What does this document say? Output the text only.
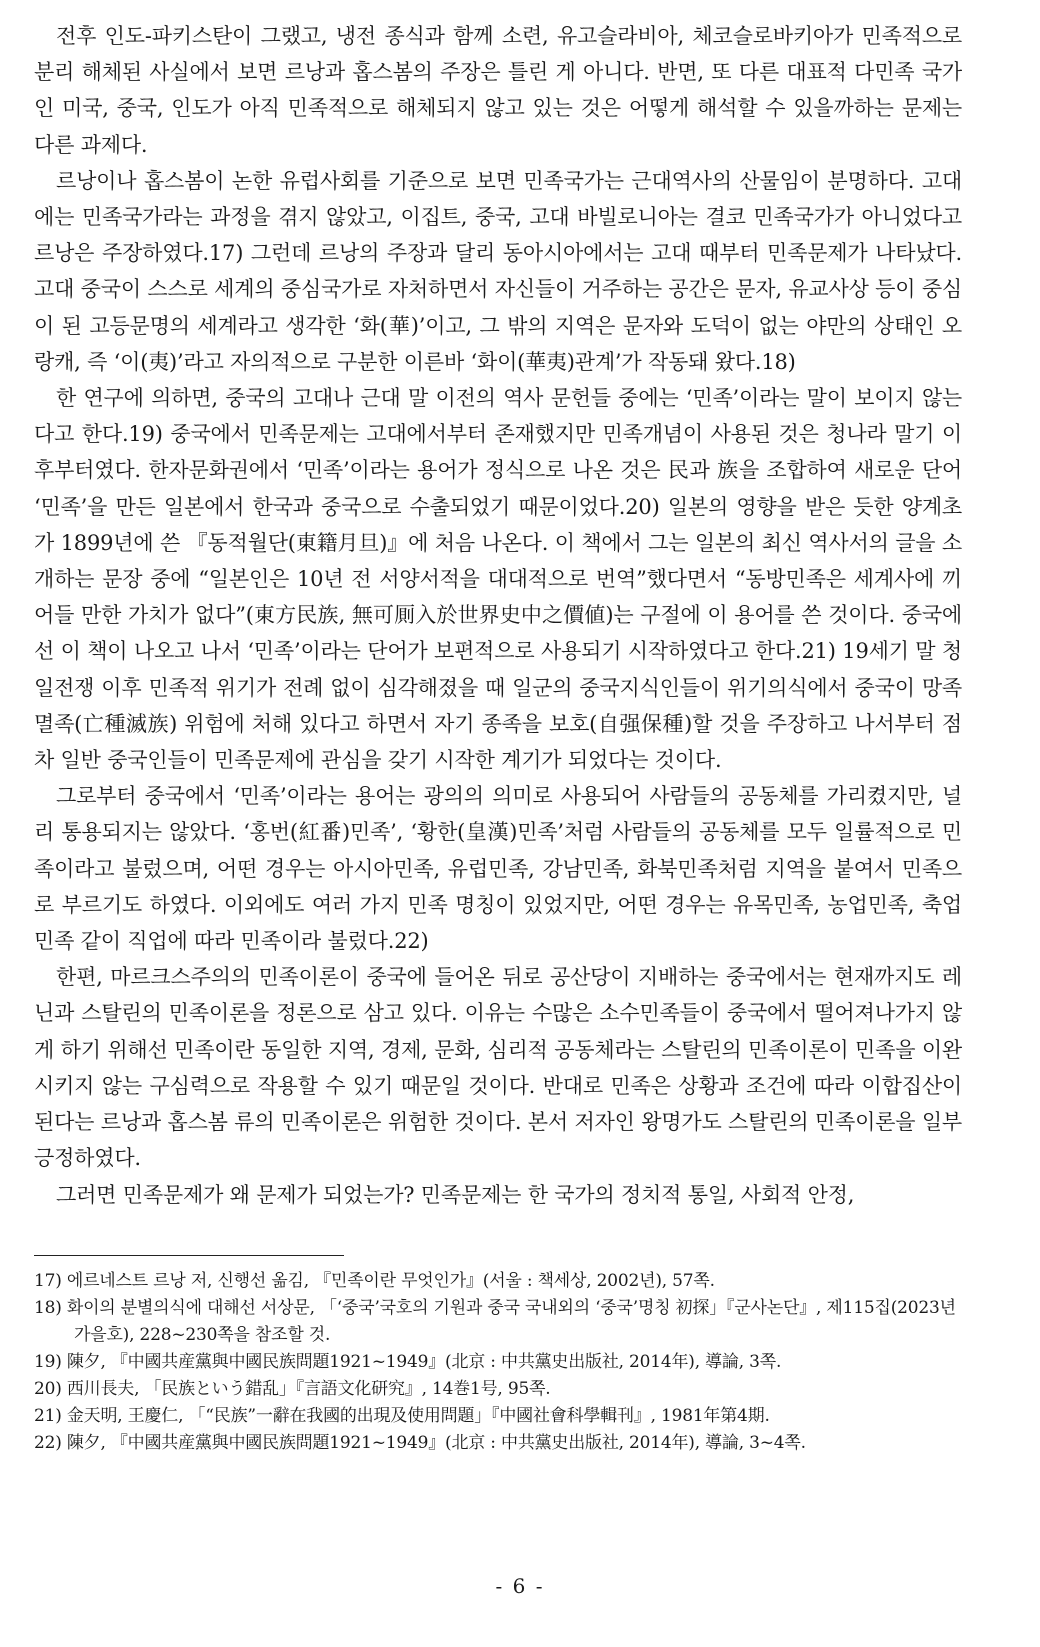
전후 인도-파키스탄이 그랬고, 냉전 종식과 함께 소련, 유고슬라비아, 체코슬로바키아가 민족적으로 분리 해체된 사실에서 보면 르낭과 홉스봄의 주장은 틀린 게 아니다. 반면, 또 다른 대표적 다민족 국가인 미국, 중국, 인도가 아직 민족적으로 해체되지 않고 있는 것은 어떻게 해석할 수 있을까하는 문제는 다른 과제다.

르낭이나 홉스봄이 논한 유럽사회를 기준으로 보면 민족국가는 근대역사의 산물임이 분명하다. 고대에는 민족국가라는 과정을 겪지 않았고, 이집트, 중국, 고대 바빌로니아는 결코 민족국가가 아니었다고 르낭은 주장하였다.17) 그런데 르낭의 주장과 달리 동아시아에서는 고대 때부터 민족문제가 나타났다. 고대 중국이 스스로 세계의 중심국가로 자처하면서 자신들이 거주하는 공간은 문자, 유교사상 등이 중심이 된 고등문명의 세계라고 생각한 ‘화(華)’이고, 그 밖의 지역은 문자와 도덕이 없는 야만의 상태인 오랑캐, 즉 ‘이(夷)’라고 자의적으로 구분한 이른바 ‘화이(華夷)관계’가 작동돼 왔다.18)

한 연구에 의하면, 중국의 고대나 근대 말 이전의 역사 문헌들 중에는 ‘민족’이라는 말이 보이지 않는다고 한다.19) 중국에서 민족문제는 고대에서부터 존재했지만 민족개념이 사용된 것은 청나라 말기 이후부터였다. 한자문화권에서 ‘민족’이라는 용어가 정식으로 나온 것은 民과 族을 조합하여 새로운 단어 ‘민족’을 만든 일본에서 한국과 중국으로 수출되었기 때문이었다.20) 일본의 영향을 받은 듯한 양계초가 1899년에 쓴 『동적월단(東籍月旦)』에 처음 나온다. 이 책에서 그는 일본의 최신 역사서의 글을 소개하는 문장 중에 “일본인은 10년 전 서양서적을 대대적으로 번역”했다면서 “동방민족은 세계사에 끼어들 만한 가치가 없다”(東方民族, 無可厠入於世界史中之價値)는 구절에 이 용어를 쓴 것이다. 중국에선 이 책이 나오고 나서 ‘민족’이라는 단어가 보편적으로 사용되기 시작하였다고 한다.21) 19세기 말 청일전쟁 이후 민족적 위기가 전례 없이 심각해졌을 때 일군의 중국지식인들이 위기의식에서 중국이 망족멸족(亡種滅族) 위험에 처해 있다고 하면서 자기 종족을 보호(自强保種)할 것을 주장하고 나서부터 점차 일반 중국인들이 민족문제에 관심을 갖기 시작한 계기가 되었다는 것이다.

그로부터 중국에서 ‘민족’이라는 용어는 광의의 의미로 사용되어 사람들의 공동체를 가리켰지만, 널리 통용되지는 않았다. ‘홍번(紅番)민족’, ‘황한(皇漢)민족’처럼 사람들의 공동체를 모두 일률적으로 민족이라고 불렀으며, 어떤 경우는 아시아민족, 유럽민족, 강남민족, 화북민족처럼 지역을 붙여서 민족으로 부르기도 하였다. 이외에도 여러 가지 민족 명칭이 있었지만, 어떤 경우는 유목민족, 농업민족, 축업민족 같이 직업에 따라 민족이라 불렀다.22)

한편, 마르크스주의의 민족이론이 중국에 들어온 뒤로 공산당이 지배하는 중국에서는 현재까지도 레닌과 스탈린의 민족이론을 정론으로 삼고 있다. 이유는 수많은 소수민족들이 중국에서 떨어져나가지 않게 하기 위해선 민족이란 동일한 지역, 경제, 문화, 심리적 공동체라는 스탈린의 민족이론이 민족을 이완시키지 않는 구심력으로 작용할 수 있기 때문일 것이다. 반대로 민족은 상황과 조건에 따라 이합집산이 된다는 르낭과 홉스봄 류의 민족이론은 위험한 것이다. 본서 저자인 왕명가도 스탈린의 민족이론을 일부 긍정하였다.

그러면 민족문제가 왜 문제가 되었는가? 민족문제는 한 국가의 정치적 통일, 사회적 안정,

17) 에르네스트 르낭 저, 신행선 옮김, 『민족이란 무엇인가』(서울 : 책세상, 2002년), 57쪽.

18) 화이의 분별의식에 대해선 서상문, 「‘중국’국호의 기원과 중국 국내외의 ‘중국’명칭 初探」『군사논단』, 제115집(2023년 가을호), 228~230쪽을 참조할 것.

19) 陳夕, 『中國共産黨與中國民族問題1921~1949』(北京 : 中共黨史出版社, 2014年), 導論, 3쪽.

20) 西川長夫, 「民族という錯乱」『言語文化研究』, 14巻1号, 95쪽.

21) 金天明, 王慶仁, 「“民族”一辭在我國的出現及使用問題」『中國社會科學輯刊』, 1981年第4期.

22) 陳夕, 『中國共産黨與中國民族問題1921~1949』(北京 : 中共黨史出版社, 2014年), 導論, 3~4쪽.

- 6 -
